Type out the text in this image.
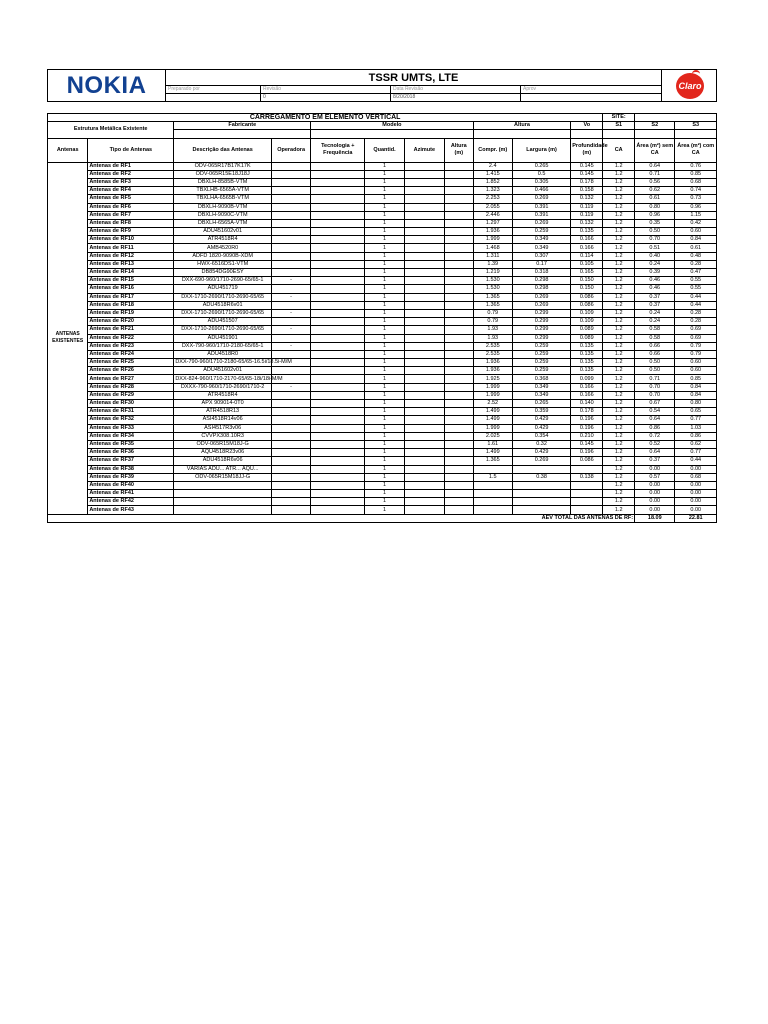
NOKIA	TSSR UMTS, LTE
Preparado por	Revisão	Data Revisão	Aprov
0	8/20/2018
Claro
CARREGAMENTO EM ELEMENTO VERTICAL											SITE:		
Estrutura Metálica Existente		Fabricante		Modelo				Altura		Vo	S1	S2	S3

Antenas	Tipo de Antenas	Descrição das Antenas	Operadora	Tecnologia + Frequência	Quantid.	Azimute	Altura (m)	Compr. (m)	Largura (m)	Profundidade (m)	CA	Área (m²) sem CA	Área (m²) com CA
ANTENAS EXISTENTES	Antenas de RF1	ODV-065R17B17K17K			1			2.4	0.265	0.145	1.2	0.64	0.76
	Antenas de RF2	ODV-065R15E18J18J			1			1.415	0.5	0.145	1.2	0.71	0.85
	Antenas de RF3	DBXLH-8585B-VTM			1			1.852	0.305	0.178	1.2	0.56	0.68
	Antenas de RF4	TBXLHB-6565A-VTM			1			1.323	0.466	0.158	1.2	0.62	0.74
	Antenas de RF5	TBXLHA-6565B-VTM			1			2.253	0.269	0.132	1.2	0.61	0.73
	Antenas de RF6	DBXLH-9090B-VTM			1			2.055	0.391	0.119	1.2	0.80	0.96
	Antenas de RF7	DBXLH-9090C-VTM			1			2.446	0.391	0.119	1.2	0.96	1.15
	Antenas de RF8	DBXLH-6565A-VTM			1			1.297	0.269	0.132	1.2	0.35	0.42
	Antenas de RF9	ADU451602v01			1			1.936	0.259	0.135	1.2	0.50	0.60
	Antenas de RF10	ATR4518R4			1			1.999	0.349	0.166	1.2	0.70	0.84
	Antenas de RF11	AMB4520R0			1			1.468	0.349	0.166	1.2	0.51	0.61
	Antenas de RF12	ADFD 1820-9090B-XDM			1			1.311	0.307	0.114	1.2	0.40	0.48
	Antenas de RF13	HWX-6516DS1-VTM			1			1.39	0.17	0.105	1.2	0.24	0.28
	Antenas de RF14	DB854DG90ESY			1			1.219	0.318	0.165	1.2	0.39	0.47
	Antenas de RF15	DXX-690-960/1710-2690-65/65-1	-		1			1.530	0.298	0.150	1.2	0.46	0.55
	Antenas de RF16	ADU451719			1			1.530	0.298	0.150	1.2	0.46	0.55
	Antenas de RF17	DXX-1710-2690/1710-2690-65/65	-		1			1.365	0.269	0.086	1.2	0.37	0.44
	Antenas de RF18	ADU4518R6v01			1			1.365	0.269	0.086	1.2	0.37	0.44
	Antenas de RF19	DXX-1710-2690/1710-2690-65/65	-		1			0.79	0.299	0.109	1.2	0.24	0.28
	Antenas de RF20	ADU451507			1			0.79	0.299	0.109	1.2	0.24	0.28
	Antenas de RF21	DXX-1710-2690/1710-2690-65/65	-		1			1.93	0.299	0.089	1.2	0.58	0.69
	Antenas de RF22	ADU451901			1			1.93	0.299	0.089	1.2	0.58	0.69
	Antenas de RF23	DXX-790-960/1710-2180-65/65-1	-		1			2.535	0.259	0.135	1.2	0.66	0.79
	Antenas de RF24	ADU4518R0			1			2.535	0.259	0.135	1.2	0.66	0.79
	Antenas de RF25	DXX-790-960/1710-2180-65/65-16.5i/18.5i-M/M			1			1.936	0.259	0.135	1.2	0.50	0.60
	Antenas de RF26	ADU451602v01			1			1.936	0.259	0.135	1.2	0.50	0.60
	Antenas de RF27	DXX-824-960/1710-2170-65/65-18i/18i-M/M			1			1.925	0.368	0.099	1.2	0.71	0.85
	Antenas de RF28	DXXX-790-960/1710-2690/1710-2	-		1			1.999	0.349	0.166	1.2	0.70	0.84
	Antenas de RF29	ATR4518R4			1			1.999	0.349	0.166	1.2	0.70	0.84
	Antenas de RF30	APX 909014-0T0			1			2.52	0.265	0.140	1.2	0.67	0.80
	Antenas de RF31	ATR4518R13			1			1.499	0.359	0.178	1.2	0.54	0.65
	Antenas de RF32	ASI4518R14v06			1			1.499	0.429	0.196	1.2	0.64	0.77
	Antenas de RF33	ASI4517R3v06			1			1.999	0.429	0.196	1.2	0.86	1.03
	Antenas de RF34	CVVPX308.10R3			1			2.025	0.354	0.210	1.2	0.72	0.86
	Antenas de RF35	ODV-065R15M18J-G			1			1.61	0.32	0.145	1.2	0.52	0.62
	Antenas de RF36	AQU4518R23v06			1			1.499	0.429	0.196	1.2	0.64	0.77
	Antenas de RF37	ADU4518R6v06			1			1.365	0.269	0.086	1.2	0.37	0.44
	Antenas de RF38	VÁRIAS ADU... ATR... AQU...			1						1.2	0.00	0.00
	Antenas de RF39	ODV-065R15M18JJ-G			1			1.5	0.38	0.138	1.2	0.57	0.68
	Antenas de RF40				1						1.2	0.00	0.00
	Antenas de RF41				1						1.2	0.00	0.00
	Antenas de RF42				1						1.2	0.00	0.00
	Antenas de RF43				1						1.2	0.00	0.00
AEV TOTAL DAS ANTENAS DE RF:												18.09	22.81
